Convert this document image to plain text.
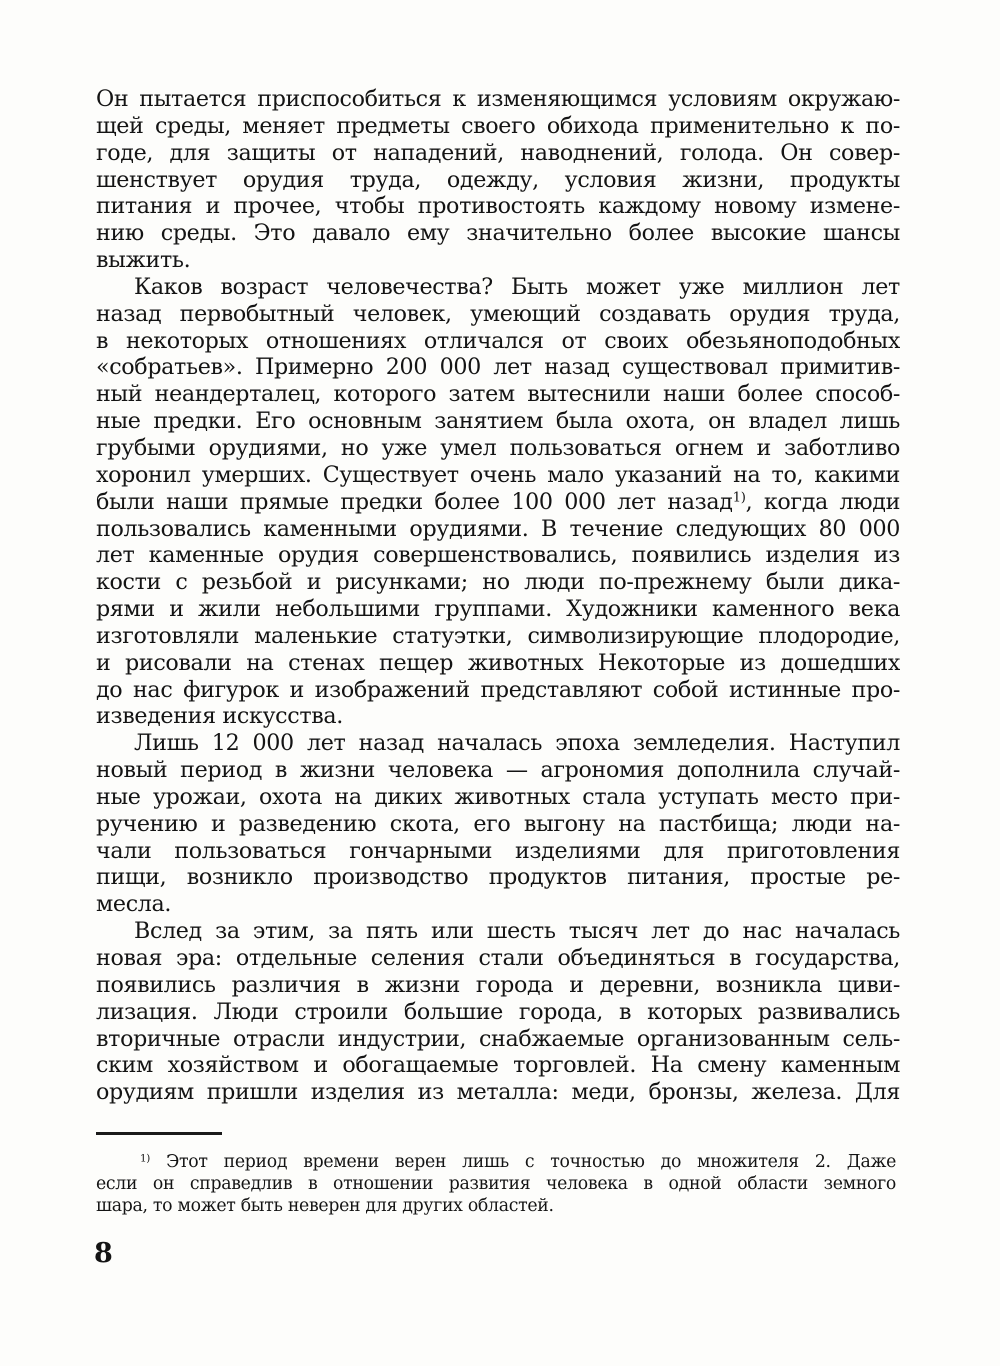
Он пытается приспособиться к изменяющимся условиям окружаю-
щей среды, меняет предметы своего обихода применительно к по-
годе, для защиты от нападений, наводнений, голода. Он совер-
шенствует орудия труда, одежду, условия жизни, продукты
питания и прочее, чтобы противостоять каждому новому измене-
нию среды. Это давало ему значительно более высокие шансы
выжить.
Каков возраст человечества? Быть может уже миллион лет
назад первобытный человек, умеющий создавать орудия труда,
в некоторых отношениях отличался от своих обезьяноподобных
«собратьев». Примерно 200 000 лет назад существовал примитив-
ный неандерталец, которого затем вытеснили наши более способ-
ные предки. Его основным занятием была охота, он владел лишь
грубыми орудиями, но уже умел пользоваться огнем и заботливо
хоронил умерших. Существует очень мало указаний на то, какими
были наши прямые предки более 100 000 лет назад$^{1)}$, когда люди
пользовались каменными орудиями. В течение следующих 80 000
лет каменные орудия совершенствовались, появились изделия из
кости с резьбой и рисунками; но люди по-прежнему были дика-
рями и жили небольшими группами. Художники каменного века
изготовляли маленькие статуэтки, символизирующие плодородие,
и рисовали на стенах пещер животных Некоторые из дошедших
до нас фигурок и изображений представляют собой истинные про-
изведения искусства.
Лишь 12 000 лет назад началась эпоха земледелия. Наступил
новый период в жизни человека — агрономия дополнила случай-
ные урожаи, охота на диких животных стала уступать место при-
ручению и разведению скота, его выгону на пастбища; люди на-
чали пользоваться гончарными изделиями для приготовления
пищи, возникло производство продуктов питания, простые ре-
месла.
Вслед за этим, за пять или шесть тысяч лет до нас началась
новая эра: отдельные селения стали объединяться в государства,
появились различия в жизни города и деревни, возникла циви-
лизация. Люди строили большие города, в которых развивались
вторичные отрасли индустрии, снабжаемые организованным сель-
ским хозяйством и обогащаемые торговлей. На смену каменным
орудиям пришли изделия из металла: меди, бронзы, железа. Для
$^{1)}$ Этот период времени верен лишь с точностью до множителя 2. Даже
если он справедлив в отношении развития человека в одной области земного
шара, то может быть неверен для других областей.
8
